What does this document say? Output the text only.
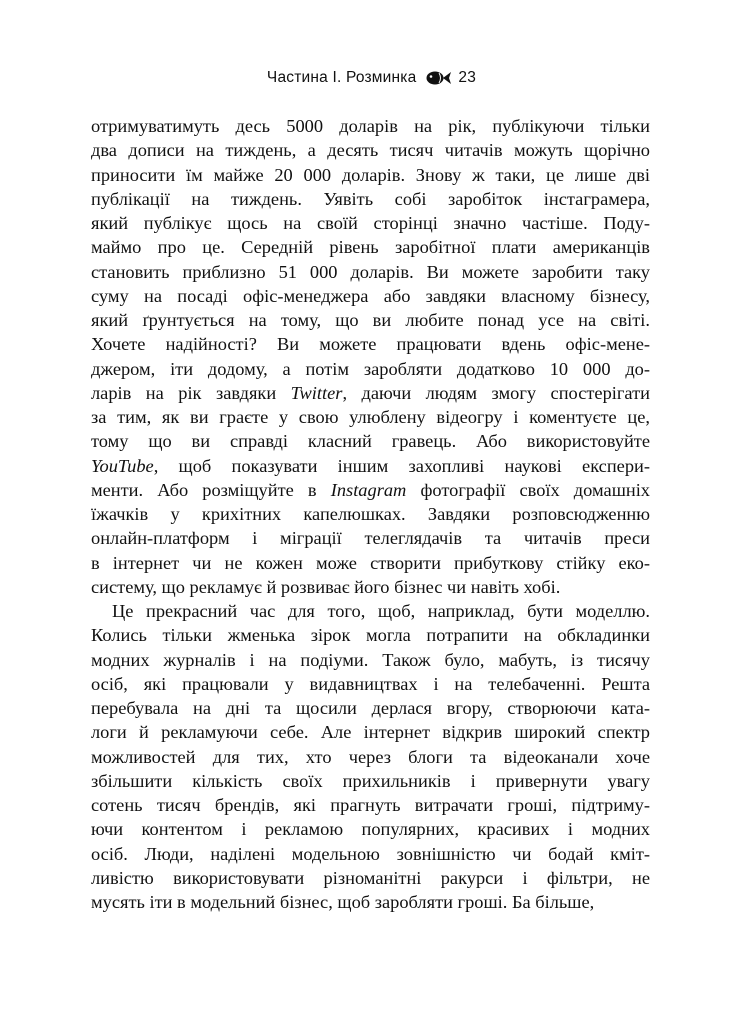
Частина І. Розминка	23

отримуватимуть десь 5000 доларів на рік, публікуючи тільки
два дописи на тиждень, а десять тисяч читачів можуть щорічно
приносити їм майже 20 000 доларів. Знову ж таки, це лише дві
публікації на тиждень. Уявіть собі заробіток інстаграмера,
який публікує щось на своїй сторінці значно частіше. Поду-
маймо про це. Середній рівень заробітної плати американців
становить приблизно 51 000 доларів. Ви можете заробити таку
суму на посаді офіс-менеджера або завдяки власному бізнесу,
який ґрунтується на тому, що ви любите понад усе на світі.
Хочете надійності? Ви можете працювати вдень офіс-мене-
джером, іти додому, а потім заробляти додатково 10 000 до-
ларів на рік завдяки Twitter, даючи людям змогу спостерігати
за тим, як ви граєте у свою улюблену відеогру і коментуєте це,
тому що ви справді класний гравець. Або використовуйте
YouTube, щоб показувати іншим захопливі наукові експери-
менти. Або розміщуйте в Instagram фотографії своїх домашніх
їжачків у крихітних капелюшках. Завдяки розповсюдженню
онлайн-платформ і міграції телеглядачів та читачів преси
в інтернет чи не кожен може створити прибуткову стійку еко-
систему, що рекламує й розвиває його бізнес чи навіть хобі.

Це прекрасний час для того, щоб, наприклад, бути моделлю.
Колись тільки жменька зірок могла потрапити на обкладинки
модних журналів і на подіуми. Також було, мабуть, із тисячу
осіб, які працювали у видавництвах і на телебаченні. Решта
перебувала на дні та щосили дерлася вгору, створюючи ката-
логи й рекламуючи себе. Але інтернет відкрив широкий спектр
можливостей для тих, хто через блоги та відеоканали хоче
збільшити кількість своїх прихильників і привернути увагу
сотень тисяч брендів, які прагнуть витрачати гроші, підтриму-
ючи контентом і рекламою популярних, красивих і модних
осіб. Люди, наділені модельною зовнішністю чи бодай кміт-
ливістю використовувати різноманітні ракурси і фільтри, не
мусять іти в модельний бізнес, щоб заробляти гроші. Ба більше,
